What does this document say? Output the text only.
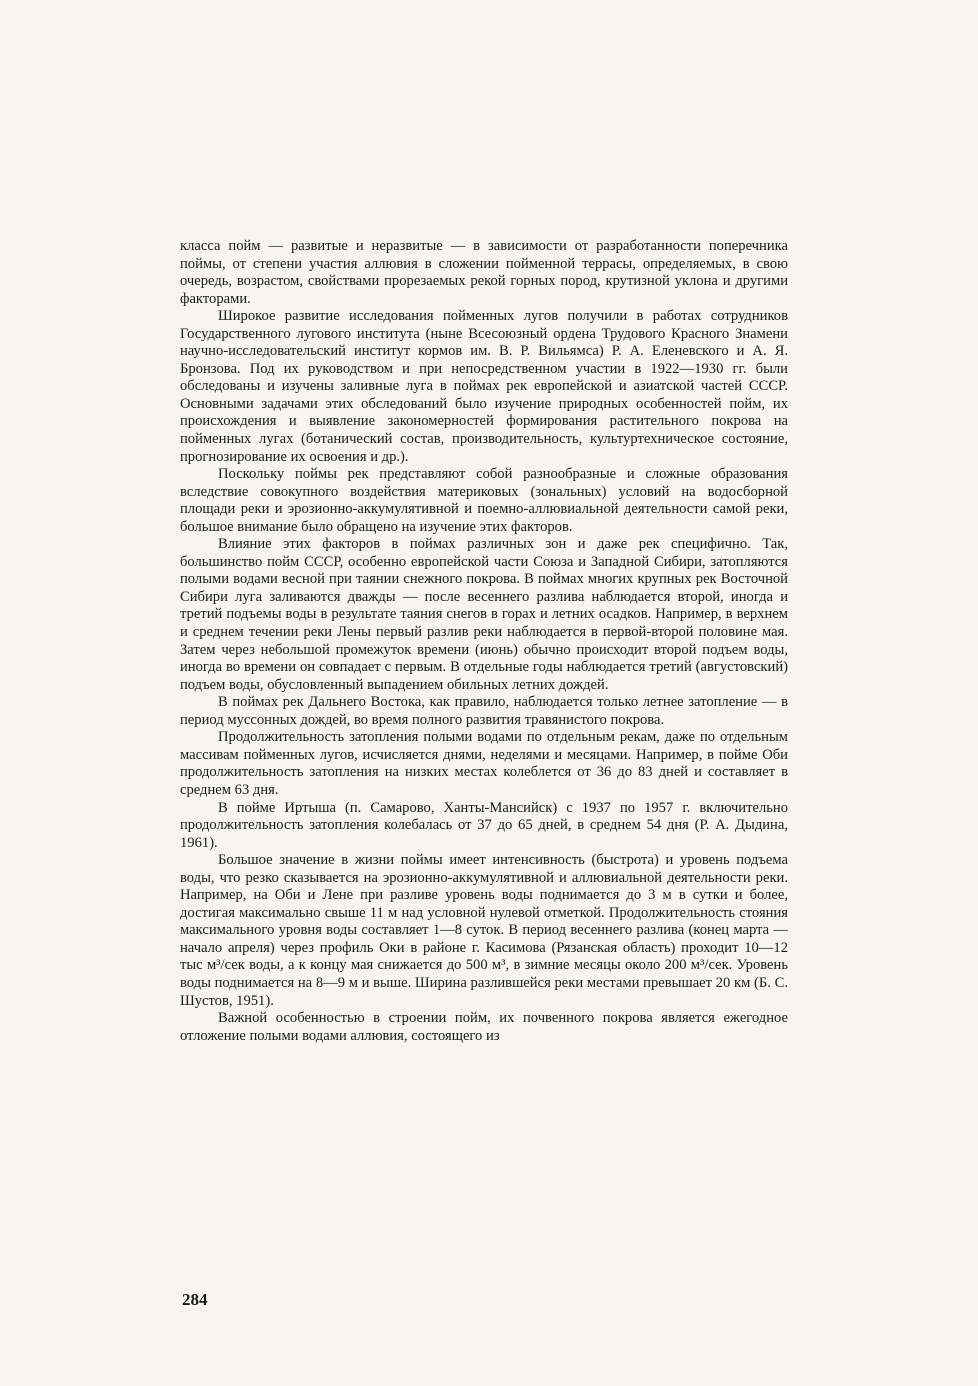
класса пойм — развитые и неразвитые — в зависимости от разработанности поперечника поймы, от степени участия аллювия в сложении пойменной террасы, определяемых, в свою очередь, возрастом, свойствами прорезаемых рекой горных пород, крутизной уклона и другими факторами.

Широкое развитие исследования пойменных лугов получили в работах сотрудников Государственного лугового института (ныне Всесоюзный ордена Трудового Красного Знамени научно-исследовательский институт кормов им. В. Р. Вильямса) Р. А. Еленевского и А. Я. Бронзова. Под их руководством и при непосредственном участии в 1922—1930 гг. были обследованы и изучены заливные луга в поймах рек европейской и азиатской частей СССР. Основными задачами этих обследований было изучение природных особенностей пойм, их происхождения и выявление закономерностей формирования растительного покрова на пойменных лугах (ботанический состав, производительность, культуртехническое состояние, прогнозирование их освоения и др.).

Поскольку поймы рек представляют собой разнообразные и сложные образования вследствие совокупного воздействия материковых (зональных) условий на водосборной площади реки и эрозионно-аккумулятивной и поемно-аллювиальной деятельности самой реки, большое внимание было обращено на изучение этих факторов.

Влияние этих факторов в поймах различных зон и даже рек специфично. Так, большинство пойм СССР, особенно европейской части Союза и Западной Сибири, затопляются полыми водами весной при таянии снежного покрова. В поймах многих крупных рек Восточной Сибири луга заливаются дважды — после весеннего разлива наблюдается второй, иногда и третий подъемы воды в результате таяния снегов в горах и летних осадков. Например, в верхнем и среднем течении реки Лены первый разлив реки наблюдается в первой-второй половине мая. Затем через небольшой промежуток времени (июнь) обычно происходит второй подъем воды, иногда во времени он совпадает с первым. В отдельные годы наблюдается третий (августовский) подъем воды, обусловленный выпадением обильных летних дождей.

В поймах рек Дальнего Востока, как правило, наблюдается только летнее затопление — в период муссонных дождей, во время полного развития травянистого покрова.

Продолжительность затопления полыми водами по отдельным рекам, даже по отдельным массивам пойменных лугов, исчисляется днями, неделями и месяцами. Например, в пойме Оби продолжительность затопления на низких местах колеблется от 36 до 83 дней и составляет в среднем 63 дня.

В пойме Иртыша (п. Самарово, Ханты-Мансийск) с 1937 по 1957 г. включительно продолжительность затопления колебалась от 37 до 65 дней, в среднем 54 дня (Р. А. Дыдина, 1961).

Большое значение в жизни поймы имеет интенсивность (быстрота) и уровень подъема воды, что резко сказывается на эрозионно-аккумулятивной и аллювиальной деятельности реки. Например, на Оби и Лене при разливе уровень воды поднимается до 3 м в сутки и более, достигая максимально свыше 11 м над условной нулевой отметкой. Продолжительность стояния максимального уровня воды составляет 1—8 суток. В период весеннего разлива (конец марта — начало апреля) через профиль Оки в районе г. Касимова (Рязанская область) проходит 10—12 тыс м³/сек воды, а к концу мая снижается до 500 м³, в зимние месяцы около 200 м³/сек. Уровень воды поднимается на 8—9 м и выше. Ширина разлившейся реки местами превышает 20 км (Б. С. Шустов, 1951).

Важной особенностью в строении пойм, их почвенного покрова является ежегодное отложение полыми водами аллювия, состоящего из

284
